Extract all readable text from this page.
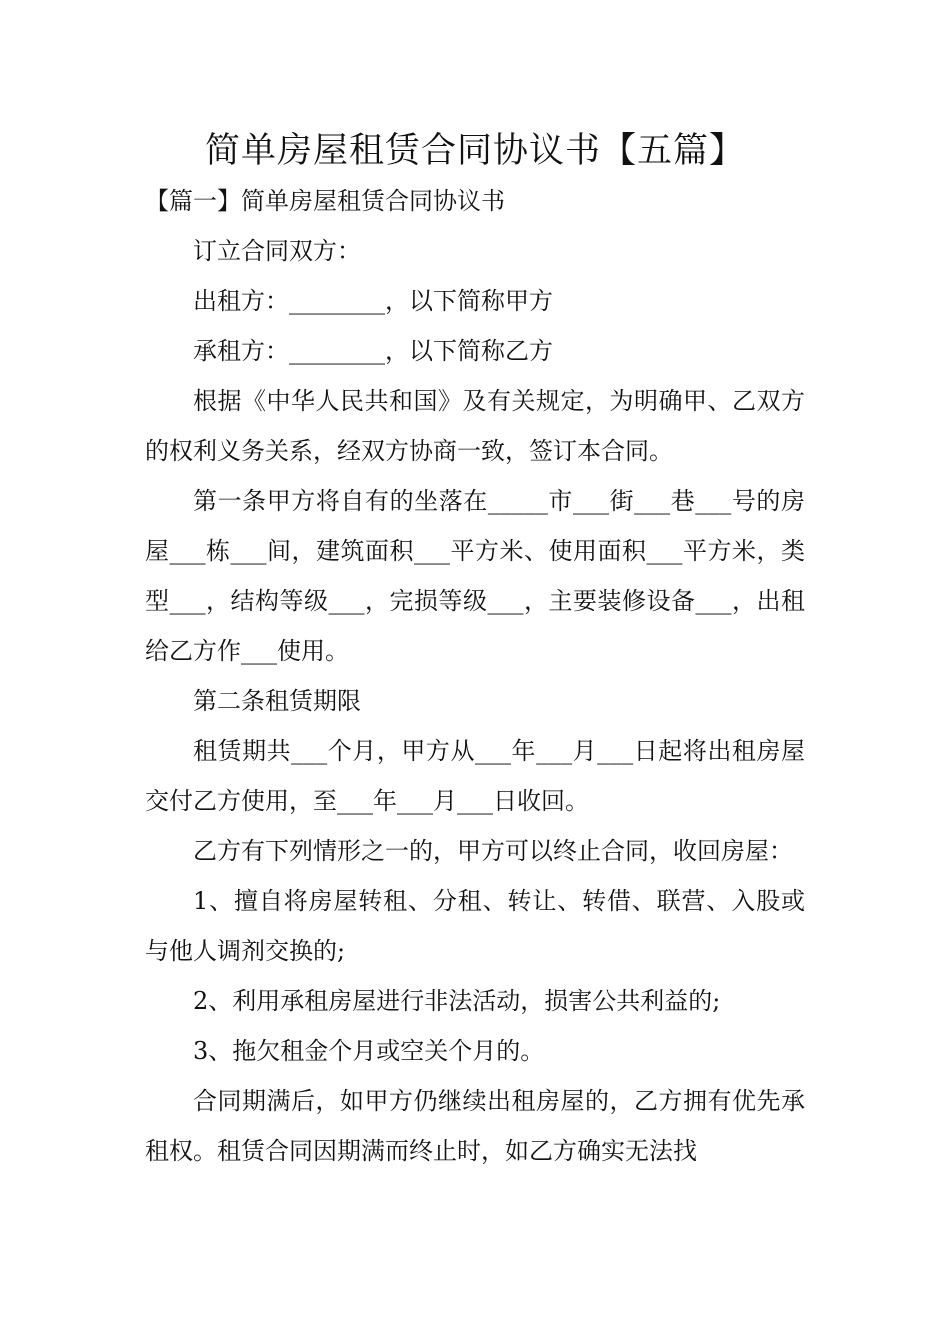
简单房屋租赁合同协议书【五篇】
【篇一】简单房屋租赁合同协议书

订立合同双方：

出租方：________，以下简称甲方

承租方：________，以下简称乙方

根据《中华人民共和国》及有关规定，为明确甲、乙双方的权利义务关系，经双方协商一致，签订本合同。

第一条甲方将自有的坐落在_____市___街___巷___号的房屋___栋___间，建筑面积___平方米、使用面积___平方米，类型___，结构等级___，完损等级___，主要装修设备___，出租给乙方作___使用。

第二条租赁期限

租赁期共___个月，甲方从___年___月___日起将出租房屋交付乙方使用，至___年___月___日收回。

乙方有下列情形之一的，甲方可以终止合同，收回房屋：

1、擅自将房屋转租、分租、转让、转借、联营、入股或与他人调剂交换的;

2、利用承租房屋进行非法活动，损害公共利益的;

3、拖欠租金个月或空关个月的。

合同期满后，如甲方仍继续出租房屋的，乙方拥有优先承租权。租赁合同因期满而终止时，如乙方确实无法找
